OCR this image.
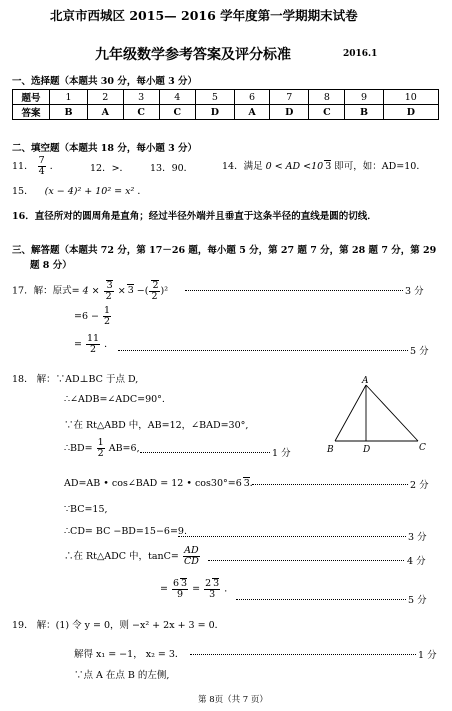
北京市西城区 2015— 2016 学年度第一学期期末试卷
九年级数学参考答案及评分标准	2016.1
一、选择题（本题共 30 分，每小题 3 分）
题号	1	2	3	4	5	6	7	8	9	10
答案	B	A	C	C	D	A	D	C	B	D
二、填空题（本题共 18 分，每小题 3 分）
11． $\frac{7}{4}$ ．	12．>． 13．90．	14．满足 0 < AD <10 3 即可，如：AD=10．
15． (x − 4)² + 10² = x² ．
16．直径所对的圆周角是直角；经过半径外端并且垂直于这条半径的直线是圆的切线．
三、解答题（本题共 72 分，第 17－26 题，每小题 5 分，第 27 题 7 分，第 28 题 7 分，第 29
题 8 分）
17．解：原式= $4 \times \frac{3}{2} \times 3$ −( $\frac{2}{2} )^2$	3 分
$=6 - \frac{1}{2}$
= $\frac{11}{2}$ ．
5 分
18． 解：∵AD⊥BC 于点 D,
∴∠ADB=∠ADC=90°.
∵在 Rt△ABD 中，AB=12，∠BAD=30°,
∴BD= $\frac{1}{2} AB=6$,	1 分
AD=AB • cos∠BAD = 12 • cos30°=6 3．	2 分
∵BC=15,
∴CD= BC −BD=15−6=9.
3 分
∴在 Rt△ADC 中，$\tan C= \frac{AD}{CD}$	4 分
= $\frac{6 3}{9} = \frac{2 3}{3}$ ．
5 分
A
B	D	C
19． 解：(1) 令 y = 0，则 −x² + 2x + 3 = 0．
解得 x₁ = −1， x₂ = 3．	1 分
∵点 A 在点 B 的左侧,
第 8页（共 7 页）
